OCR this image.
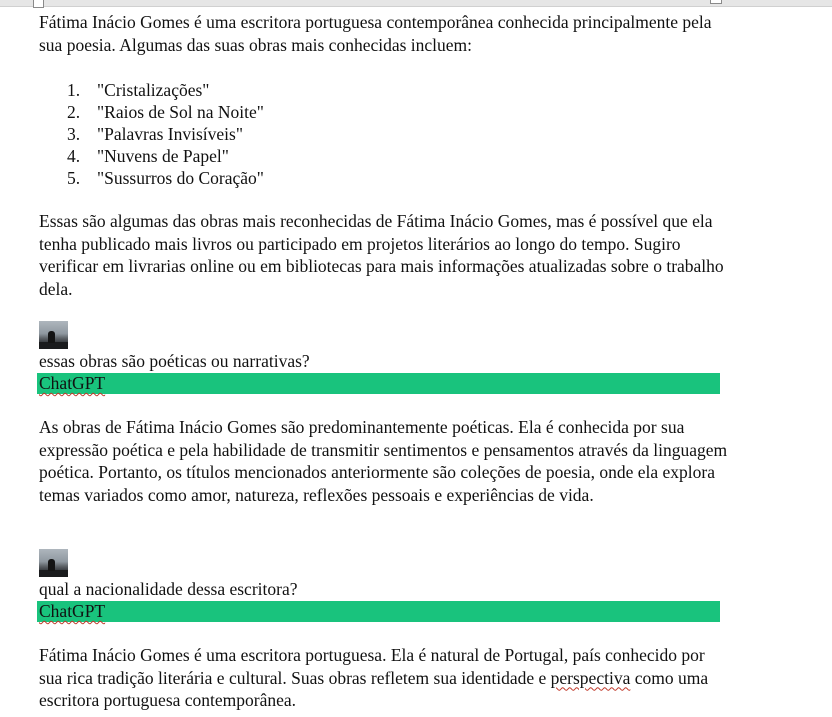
Fátima Inácio Gomes é uma escritora portuguesa contemporânea conhecida principalmente pela sua poesia. Algumas das suas obras mais conhecidas incluem:

1. "Cristalizações"
2. "Raios de Sol na Noite"
3. "Palavras Invisíveis"
4. "Nuvens de Papel"
5. "Sussurros do Coração"

Essas são algumas das obras mais reconhecidas de Fátima Inácio Gomes, mas é possível que ela tenha publicado mais livros ou participado em projetos literários ao longo do tempo. Sugiro verificar em livrarias online ou em bibliotecas para mais informações atualizadas sobre o trabalho dela.

essas obras são poéticas ou narrativas?

ChatGPT

As obras de Fátima Inácio Gomes são predominantemente poéticas. Ela é conhecida por sua expressão poética e pela habilidade de transmitir sentimentos e pensamentos através da linguagem poética. Portanto, os títulos mencionados anteriormente são coleções de poesia, onde ela explora temas variados como amor, natureza, reflexões pessoais e experiências de vida.

qual a nacionalidade dessa escritora?

ChatGPT

Fátima Inácio Gomes é uma escritora portuguesa. Ela é natural de Portugal, país conhecido por sua rica tradição literária e cultural. Suas obras refletem sua identidade e perspectiva como uma escritora portuguesa contemporânea.
